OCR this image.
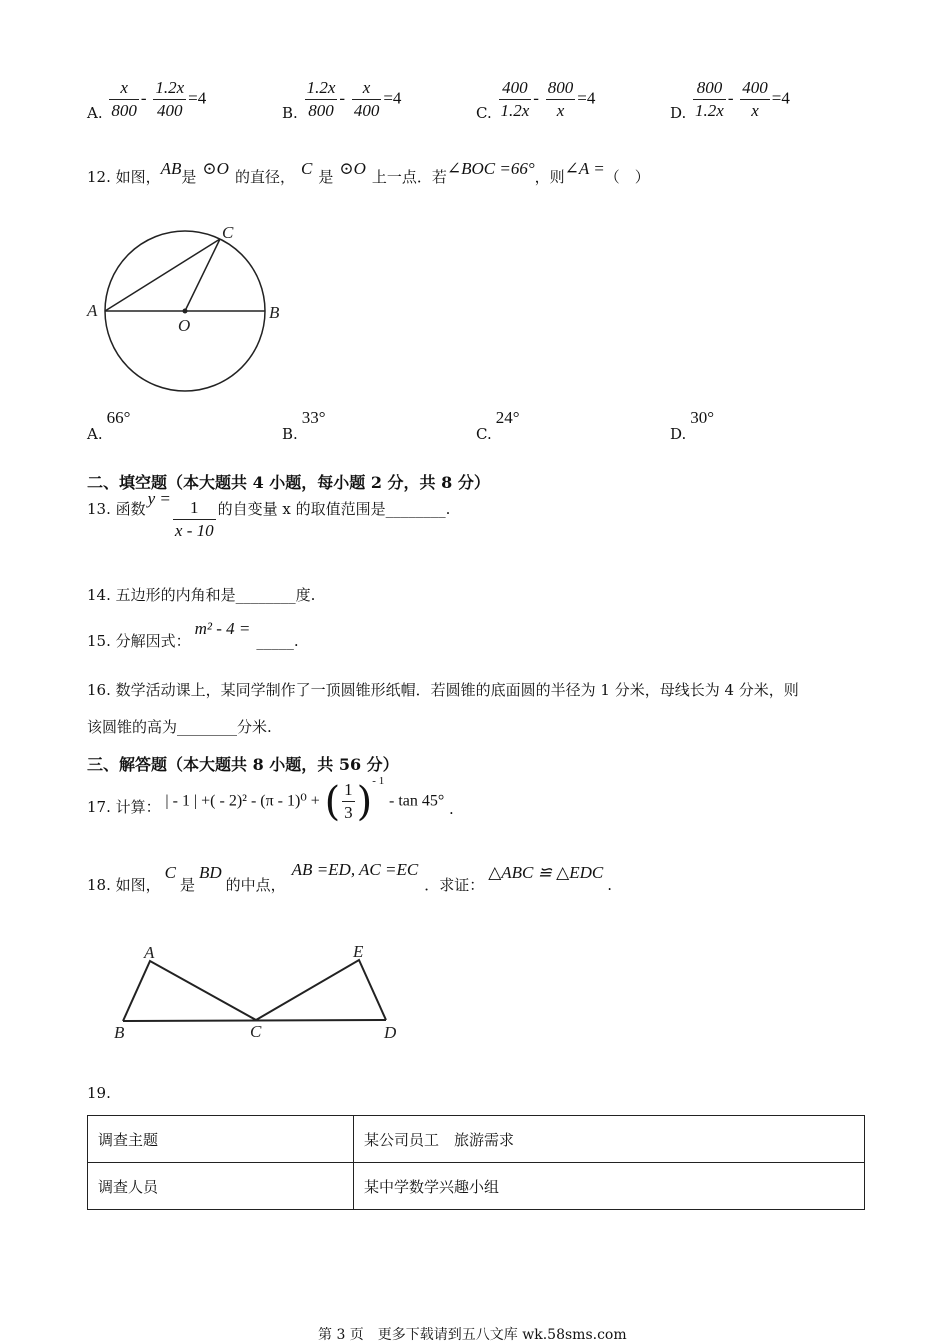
A. $\frac{x}{800} - \frac{1.2x}{400} =4$
B. $\frac{1.2x}{800} - \frac{x}{400} =4$
C. $\frac{400}{1.2x} - \frac{800}{x} =4$
D. $\frac{800}{1.2x} - \frac{400}{x} =4$
12. 如图，AB是 ⊙O 的直径， C 是 ⊙O 上一点．若∠BOC =66°，则∠A =（　）
A	B
C
O
A.66°
B.33°
C.24°
D.30°
二、填空题（本大题共 4 小题，每小题 2 分，共 8 分）
13. 函数$y = \frac{1}{x - 10}$ 的自变量 x 的取值范围是________.
14. 五边形的内角和是________度.
15. 分解因式：m² - 4 =_____.
16. 数学活动课上，某同学制作了一顶圆锥形纸帽．若圆锥的底面圆的半径为 1 分米，母线长为 4 分米，则
该圆锥的高为________分米.
三、解答题（本大题共 8 小题，共 56 分）
17. 计算： | - 1 | +( - 2)² - (π - 1)⁰ + ( $\frac{1}{3} )^{- 1}$ - tan 45° .
18. 如图，C是BD的中点，AB =ED, AC =EC．求证：△ABC ≌ △EDC.
A
B	C	D
E
19.
调查主题	某公司员工　旅游需求
调查人员	某中学数学兴趣小组
第 3 页　更多下载请到五八文库 wk.58sms.com
